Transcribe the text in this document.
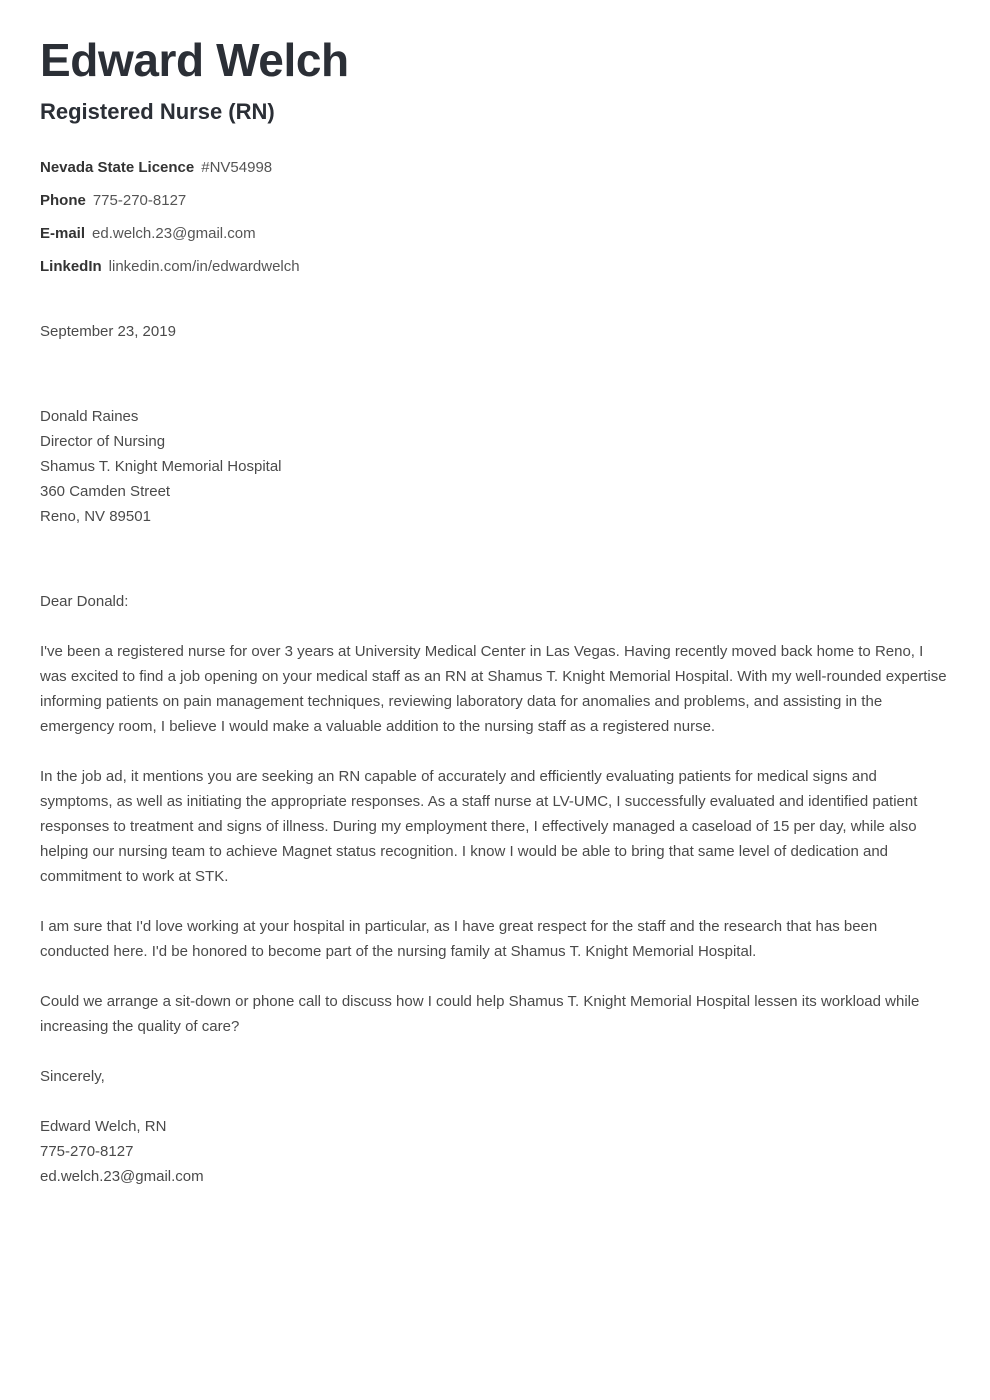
Edward Welch
Registered Nurse (RN)
Nevada State Licence #NV54998
Phone 775-270-8127
E-mail ed.welch.23@gmail.com
LinkedIn linkedin.com/in/edwardwelch
September 23, 2019
Donald Raines
Director of Nursing
Shamus T. Knight Memorial Hospital
360 Camden Street
Reno, NV 89501
Dear Donald:

I've been a registered nurse for over 3 years at University Medical Center in Las Vegas. Having recently moved back home to Reno, I was excited to find a job opening on your medical staff as an RN at Shamus T. Knight Memorial Hospital. With my well-rounded expertise informing patients on pain management techniques, reviewing laboratory data for anomalies and problems, and assisting in the emergency room, I believe I would make a valuable addition to the nursing staff as a registered nurse.

In the job ad, it mentions you are seeking an RN capable of accurately and efficiently evaluating patients for medical signs and symptoms, as well as initiating the appropriate responses. As a staff nurse at LV-UMC, I successfully evaluated and identified patient responses to treatment and signs of illness. During my employment there, I effectively managed a caseload of 15 per day, while also helping our nursing team to achieve Magnet status recognition. I know I would be able to bring that same level of dedication and commitment to work at STK.

I am sure that I'd love working at your hospital in particular, as I have great respect for the staff and the research that has been conducted here. I'd be honored to become part of the nursing family at Shamus T. Knight Memorial Hospital.

Could we arrange a sit-down or phone call to discuss how I could help Shamus T. Knight Memorial Hospital lessen its workload while increasing the quality of care?

Sincerely,
Edward Welch, RN
775-270-8127
ed.welch.23@gmail.com
